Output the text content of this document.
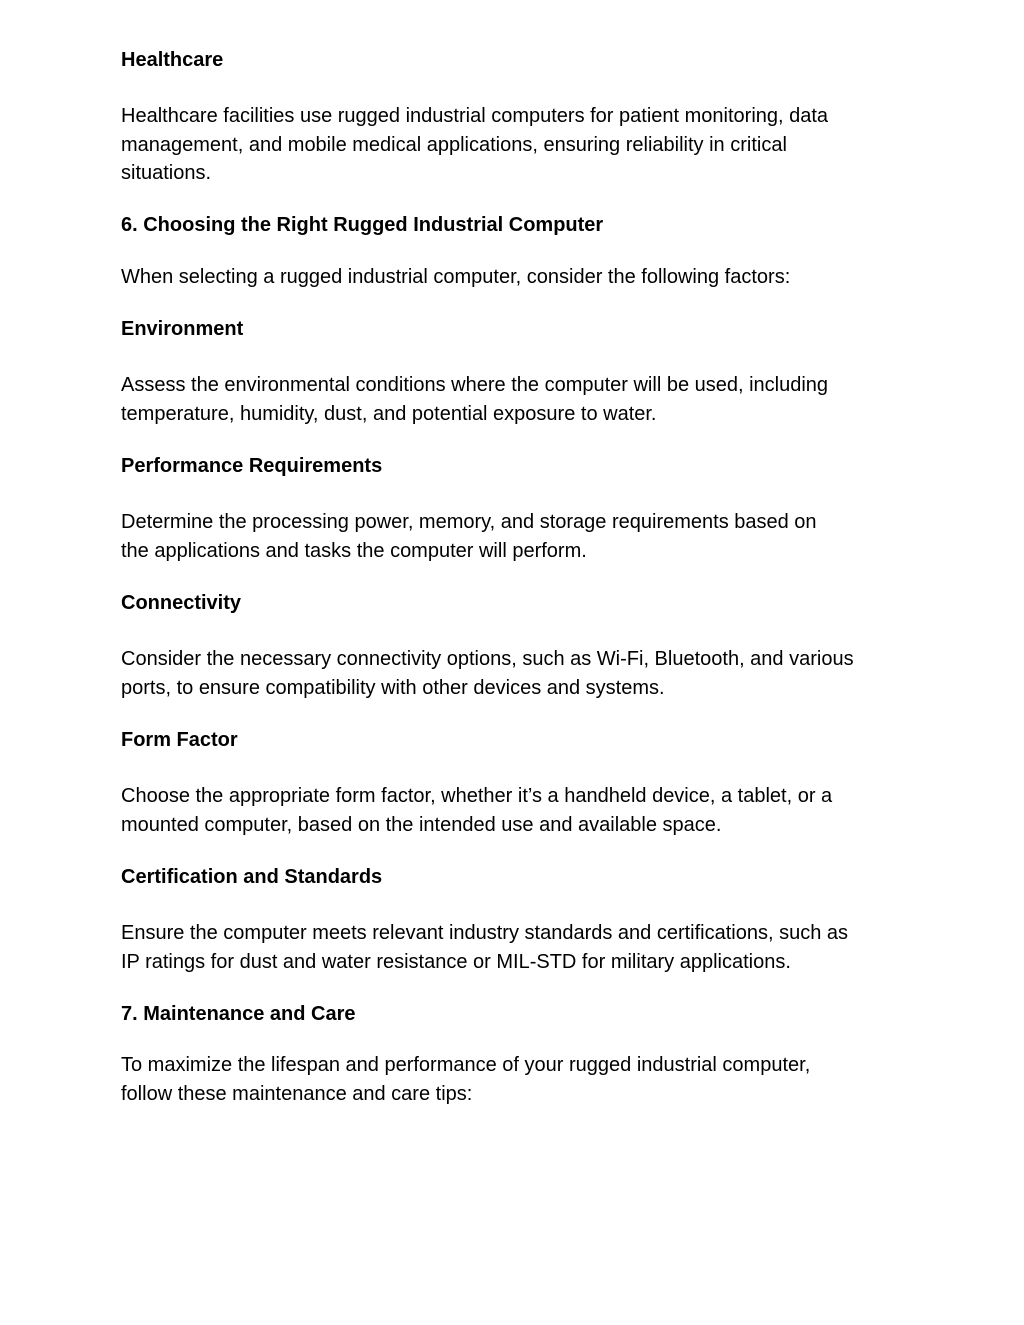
Healthcare
Healthcare facilities use rugged industrial computers for patient monitoring, data
management, and mobile medical applications, ensuring reliability in critical
situations.
6. Choosing the Right Rugged Industrial Computer
When selecting a rugged industrial computer, consider the following factors:
Environment
Assess the environmental conditions where the computer will be used, including
temperature, humidity, dust, and potential exposure to water.
Performance Requirements
Determine the processing power, memory, and storage requirements based on
the applications and tasks the computer will perform.
Connectivity
Consider the necessary connectivity options, such as Wi-Fi, Bluetooth, and various
ports, to ensure compatibility with other devices and systems.
Form Factor
Choose the appropriate form factor, whether it’s a handheld device, a tablet, or a
mounted computer, based on the intended use and available space.
Certification and Standards
Ensure the computer meets relevant industry standards and certifications, such as
IP ratings for dust and water resistance or MIL-STD for military applications.
7. Maintenance and Care
To maximize the lifespan and performance of your rugged industrial computer,
follow these maintenance and care tips:
